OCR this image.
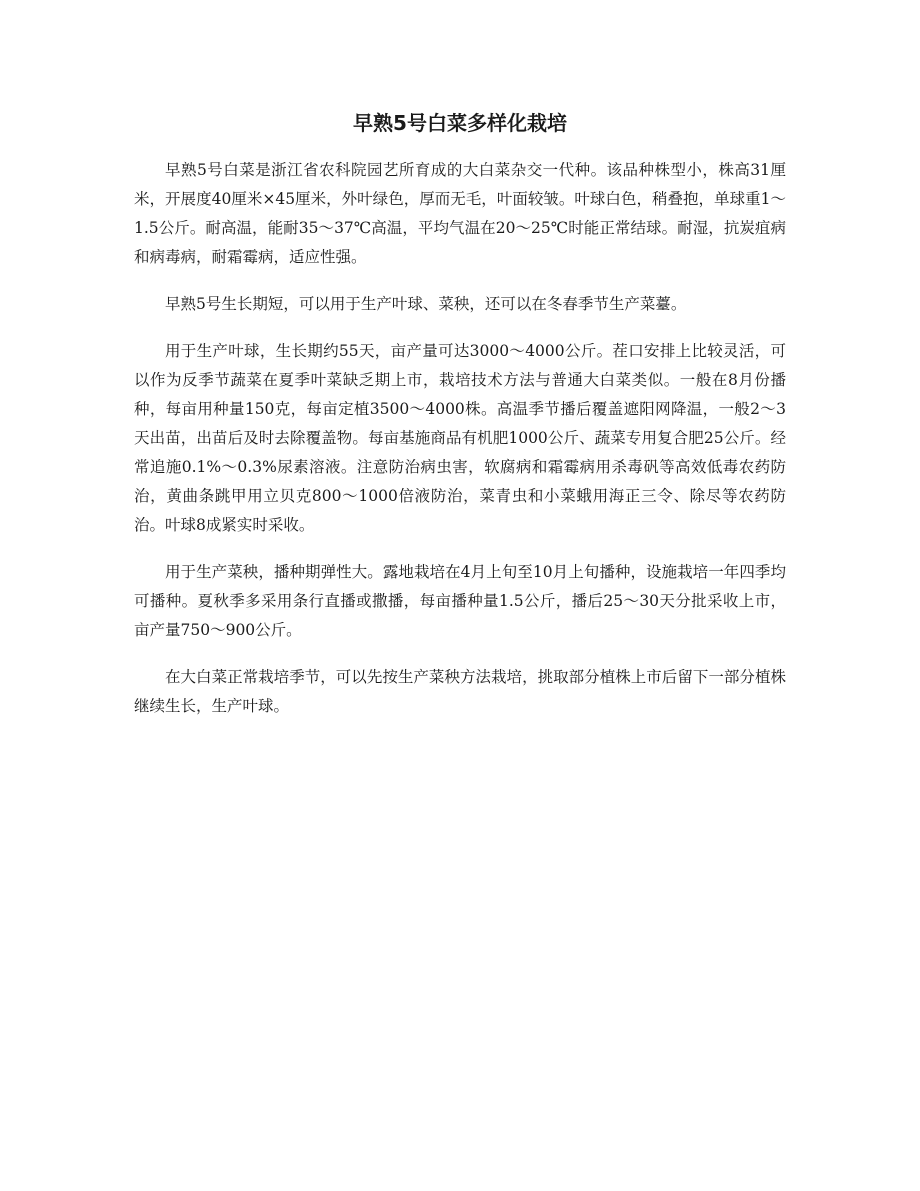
早熟5号白菜多样化栽培

早熟5号白菜是浙江省农科院园艺所育成的大白菜杂交一代种。该品种株型小，株高31厘米，开展度40厘米×45厘米，外叶绿色，厚而无毛，叶面较皱。叶球白色，稍叠抱，单球重1～1.5公斤。耐高温，能耐35～37℃高温，平均气温在20～25℃时能正常结球。耐湿，抗炭疽病和病毒病，耐霜霉病，适应性强。

早熟5号生长期短，可以用于生产叶球、菜秧，还可以在冬春季节生产菜薹。

用于生产叶球，生长期约55天，亩产量可达3000～4000公斤。茬口安排上比较灵活，可以作为反季节蔬菜在夏季叶菜缺乏期上市，栽培技术方法与普通大白菜类似。一般在8月份播种，每亩用种量150克，每亩定植3500～4000株。高温季节播后覆盖遮阳网降温，一般2～3天出苗，出苗后及时去除覆盖物。每亩基施商品有机肥1000公斤、蔬菜专用复合肥25公斤。经常追施0.1%～0.3%尿素溶液。注意防治病虫害，软腐病和霜霉病用杀毒矾等高效低毒农药防治，黄曲条跳甲用立贝克800～1000倍液防治，菜青虫和小菜蛾用海正三令、除尽等农药防治。叶球8成紧实时采收。

用于生产菜秧，播种期弹性大。露地栽培在4月上旬至10月上旬播种，设施栽培一年四季均可播种。夏秋季多采用条行直播或撒播，每亩播种量1.5公斤，播后25～30天分批采收上市，亩产量750～900公斤。

在大白菜正常栽培季节，可以先按生产菜秧方法栽培，挑取部分植株上市后留下一部分植株继续生长，生产叶球。
